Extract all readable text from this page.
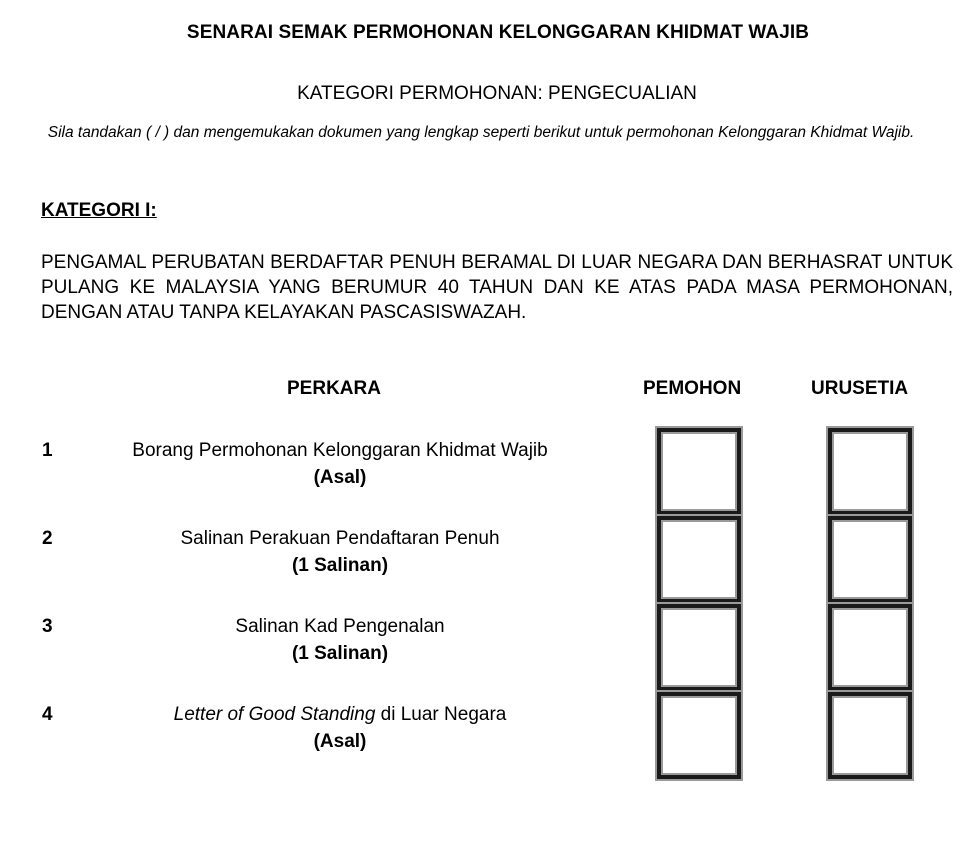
SENARAI SEMAK PERMOHONAN KELONGGARAN KHIDMAT WAJIB
KATEGORI PERMOHONAN: PENGECUALIAN
Sila tandakan ( / ) dan mengemukakan dokumen yang lengkap seperti berikut untuk permohonan Kelonggaran Khidmat Wajib.
KATEGORI I:
PENGAMAL PERUBATAN BERDAFTAR PENUH BERAMAL DI LUAR NEGARA DAN BERHASRAT UNTUK PULANG KE MALAYSIA YANG BERUMUR 40 TAHUN DAN KE ATAS PADA MASA PERMOHONAN, DENGAN ATAU TANPA KELAYAKAN PASCASISWAZAH.
PERKARA	PEMOHON	URUSETIA
1	Borang Permohonan Kelonggaran Khidmat Wajib
(Asal)
2	Salinan Perakuan Pendaftaran Penuh
(1 Salinan)
3	Salinan Kad Pengenalan
(1 Salinan)
4	Letter of Good Standing di Luar Negara
(Asal)
